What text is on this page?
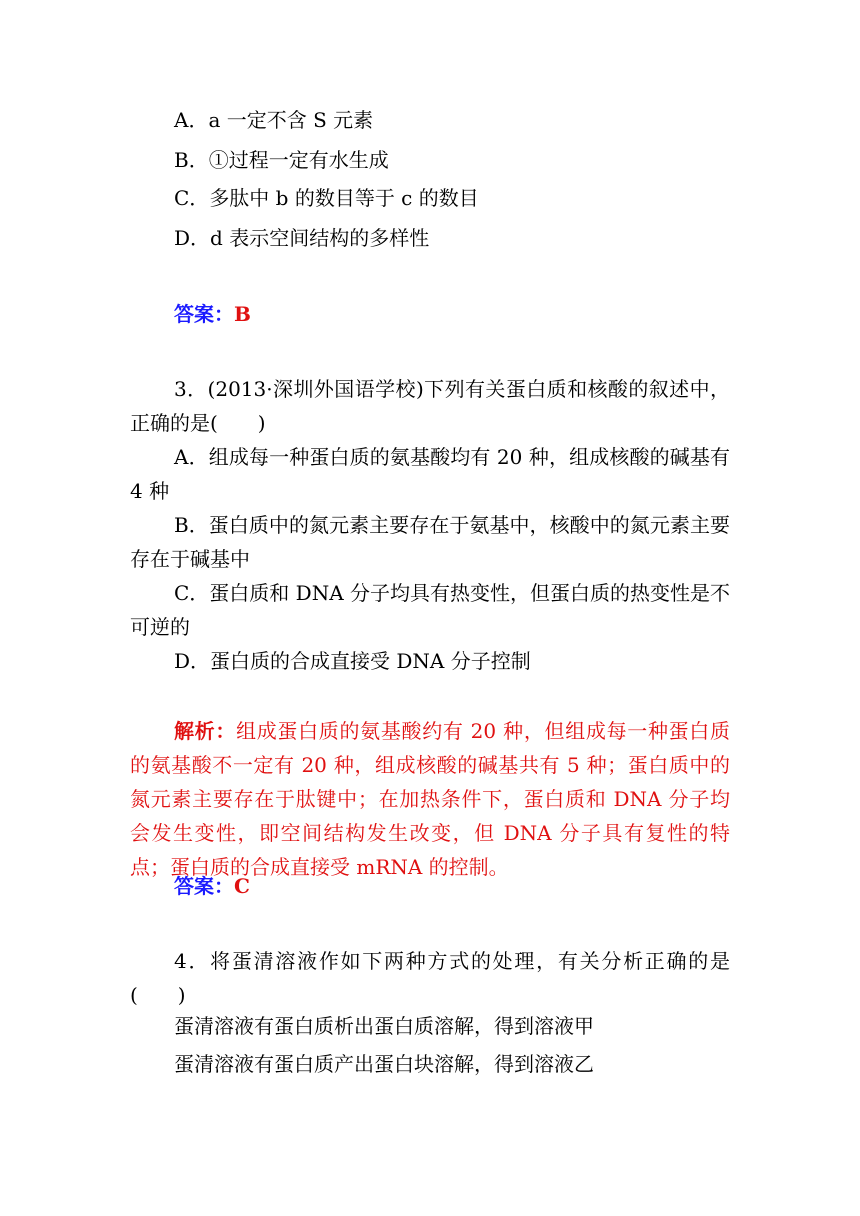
A．a 一定不含 S 元素
B．①过程一定有水生成
C．多肽中 b 的数目等于 c 的数目
D．d 表示空间结构的多样性
答案：B
3．(2013·深圳外国语学校)下列有关蛋白质和核酸的叙述中，正确的是(　　)
A．组成每一种蛋白质的氨基酸均有 20 种，组成核酸的碱基有 4 种
B．蛋白质中的氮元素主要存在于氨基中，核酸中的氮元素主要存在于碱基中
C．蛋白质和 DNA 分子均具有热变性，但蛋白质的热变性是不可逆的
D．蛋白质的合成直接受 DNA 分子控制
解析：组成蛋白质的氨基酸约有 20 种，但组成每一种蛋白质的氨基酸不一定有 20 种，组成核酸的碱基共有 5 种；蛋白质中的氮元素主要存在于肽键中；在加热条件下，蛋白质和 DNA 分子均会发生变性，即空间结构发生改变，但 DNA 分子具有复性的特点；蛋白质的合成直接受 mRNA 的控制。
答案：C
4．将蛋清溶液作如下两种方式的处理，有关分析正确的是(　　)
蛋清溶液有蛋白质析出蛋白质溶解，得到溶液甲
蛋清溶液有蛋白质产出蛋白块溶解，得到溶液乙
